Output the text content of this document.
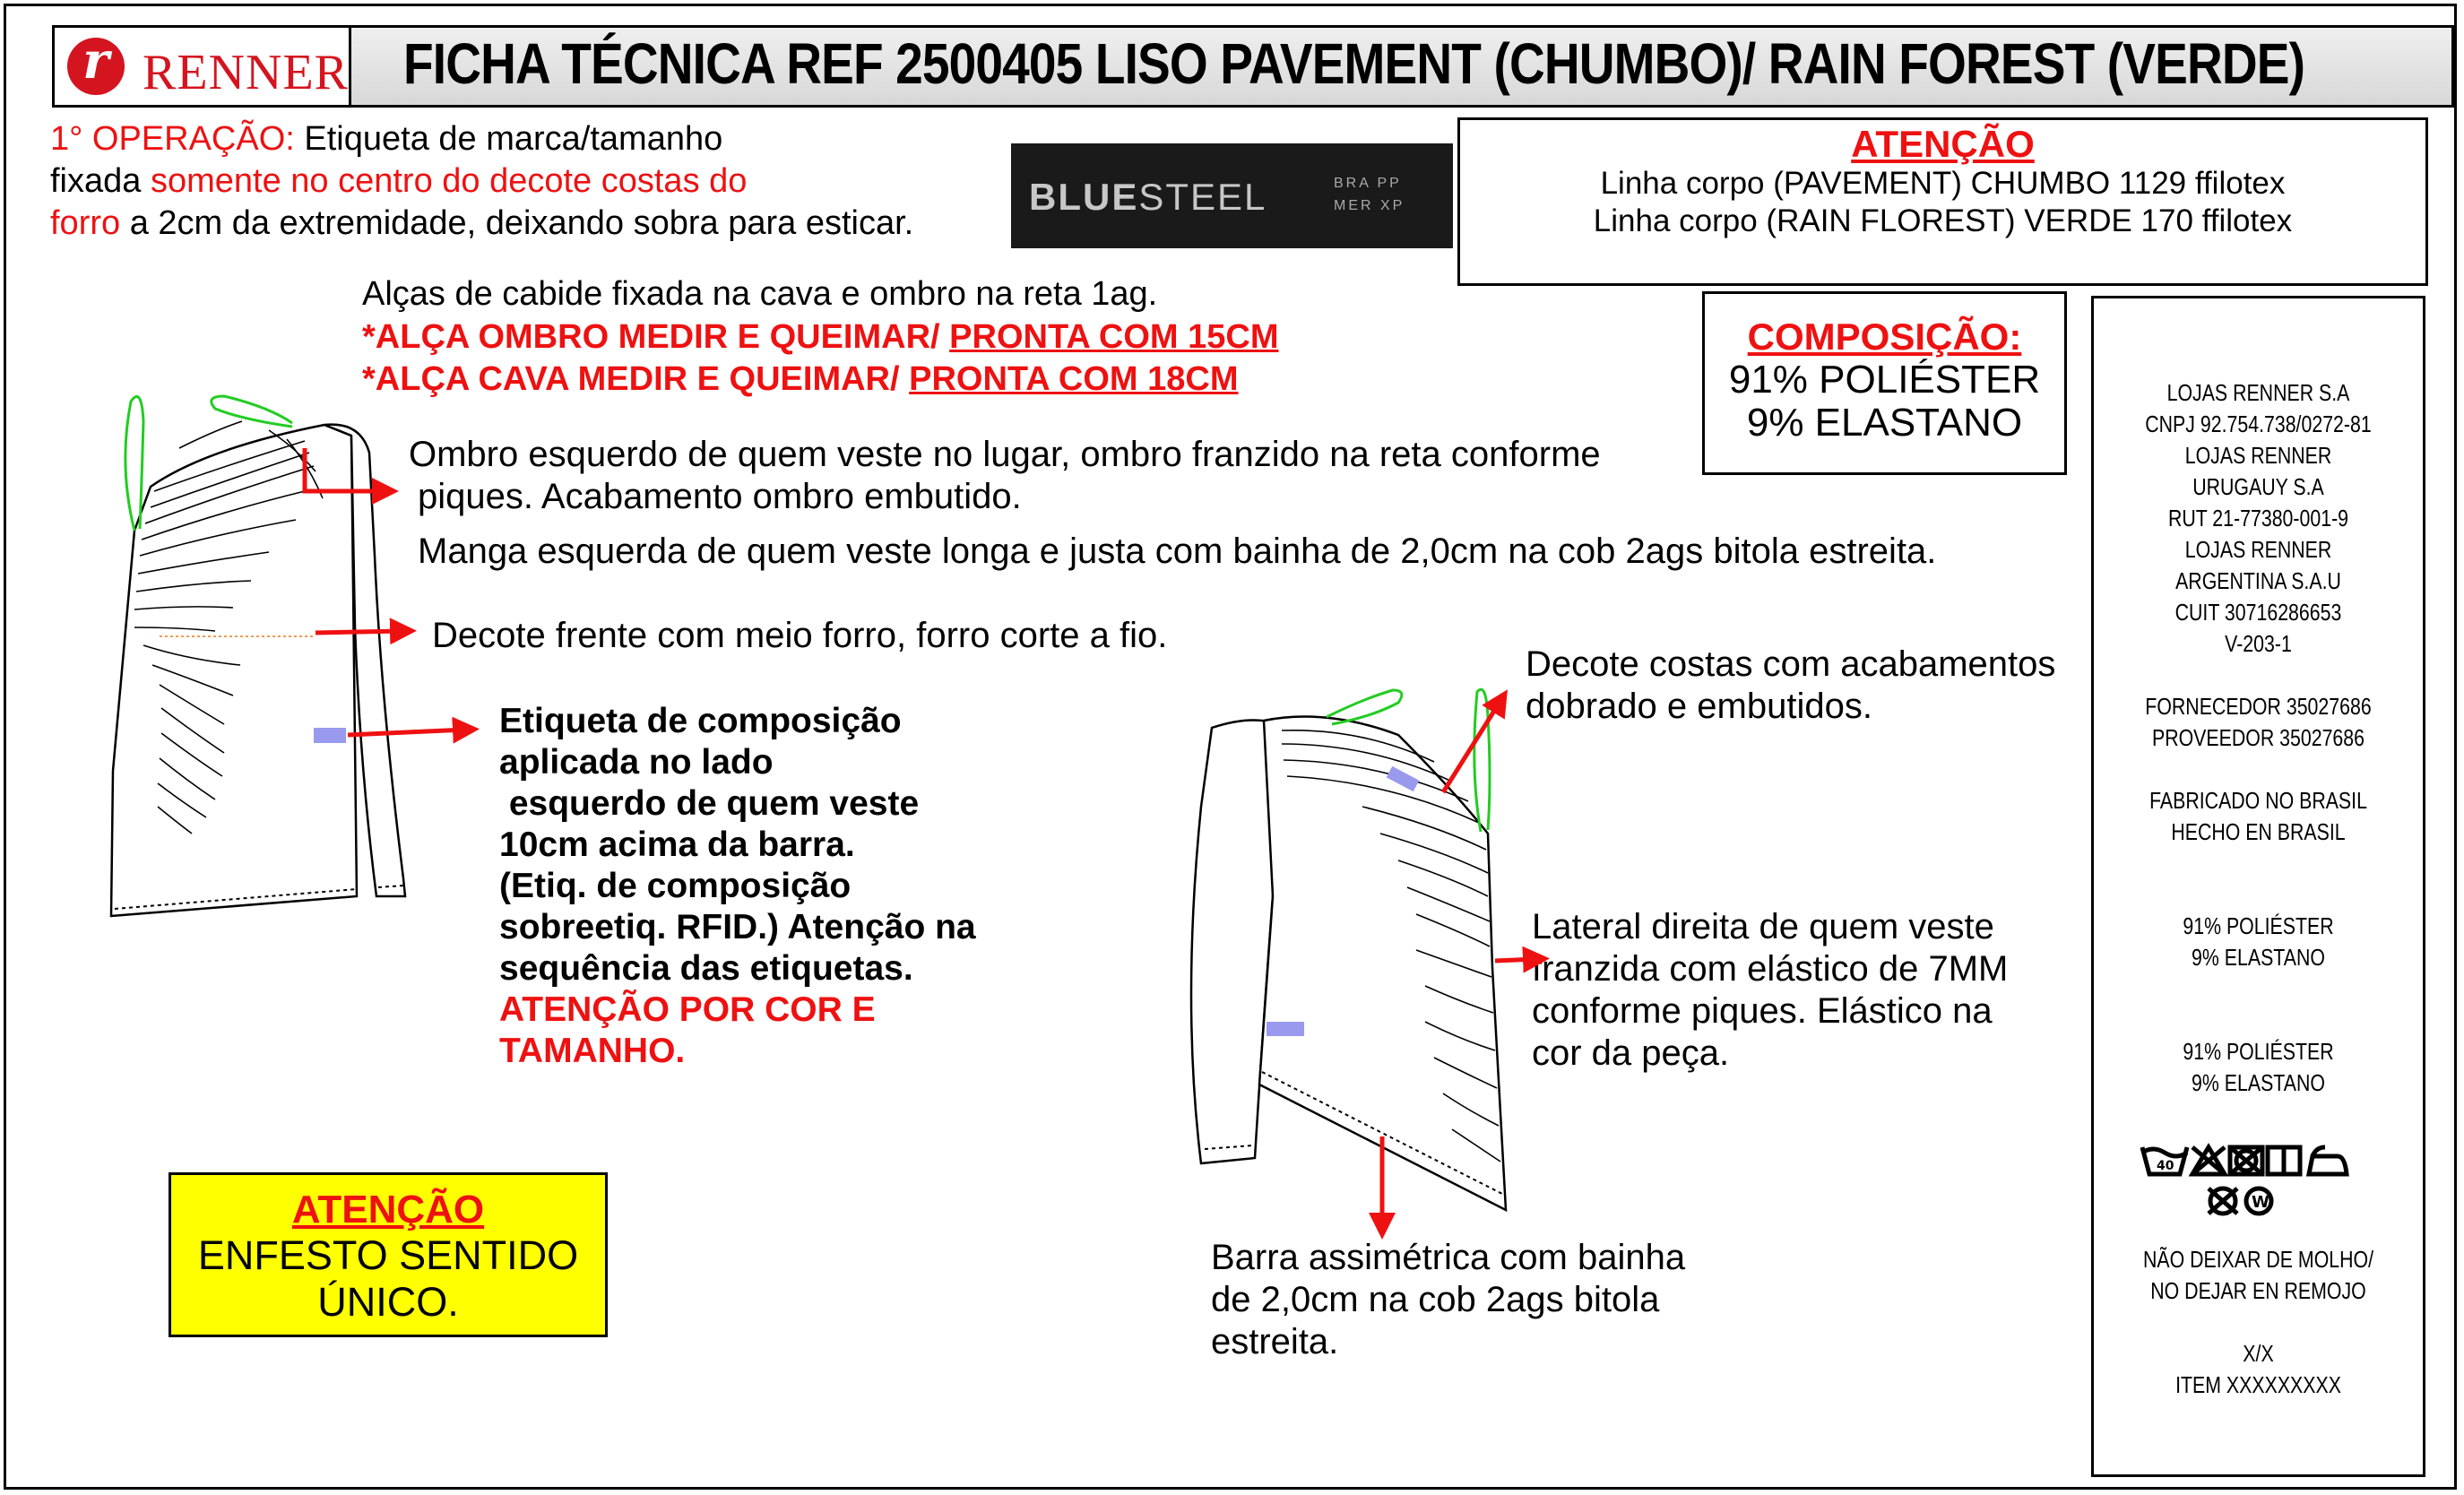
r RENNER FICHA TÉCNICA REF 2500405 LISO PAVEMENT (CHUMBO)/ RAIN FOREST (VERDE)
1° OPERAÇÃO: Etiqueta de marca/tamanho
fixada somente no centro do decote costas do
forro a 2cm da extremidade, deixando sobra para esticar.
BLUESTEEL	BRA PP
MER XP
ATENÇÃO
Linha corpo (PAVEMENT) CHUMBO 1129 ffilotex
Linha corpo (RAIN FLOREST) VERDE 170 ffilotex
COMPOSIÇÃO:
91% POLIÉSTER
9% ELASTANO
Alças de cabide fixada na cava e ombro na reta 1ag.
*ALÇA OMBRO MEDIR E QUEIMAR/ PRONTA COM 15CM
*ALÇA CAVA MEDIR E QUEIMAR/ PRONTA COM 18CM
Ombro esquerdo de quem veste no lugar, ombro franzido na reta conforme
piques. Acabamento ombro embutido.
Manga esquerda de quem veste longa e justa com bainha de 2,0cm na cob 2ags bitola estreita.
Decote frente com meio forro, forro corte a fio.
Etiqueta de composição
aplicada no lado
esquerdo de quem veste
10cm acima da barra.
(Etiq. de composição
sobreetiq. RFID.) Atenção na
sequência das etiquetas.
ATENÇÃO POR COR E
TAMANHO.
Decote costas com acabamentos
dobrado e embutidos.
Lateral direita de quem veste
franzida com elástico de 7MM
conforme piques. Elástico na
cor da peça.
Barra assimétrica com bainha
de 2,0cm na cob 2ags bitola
estreita.
ATENÇÃO
ENFESTO SENTIDO
ÚNICO.
LOJAS RENNER S.A
CNPJ 92.754.738/0272-81
LOJAS RENNER
URUGAUY S.A
RUT 21-77380-001-9
LOJAS RENNER
ARGENTINA S.A.U
CUIT 30716286653
V-203-1
FORNECEDOR 35027686
PROVEEDOR 35027686
FABRICADO NO BRASIL
HECHO EN BRASIL
91% POLIÉSTER
9% ELASTANO
91% POLIÉSTER
9% ELASTANO
40
W
NÃO DEIXAR DE MOLHO/
NO DEJAR EN REMOJO
X/X
ITEM XXXXXXXXX
